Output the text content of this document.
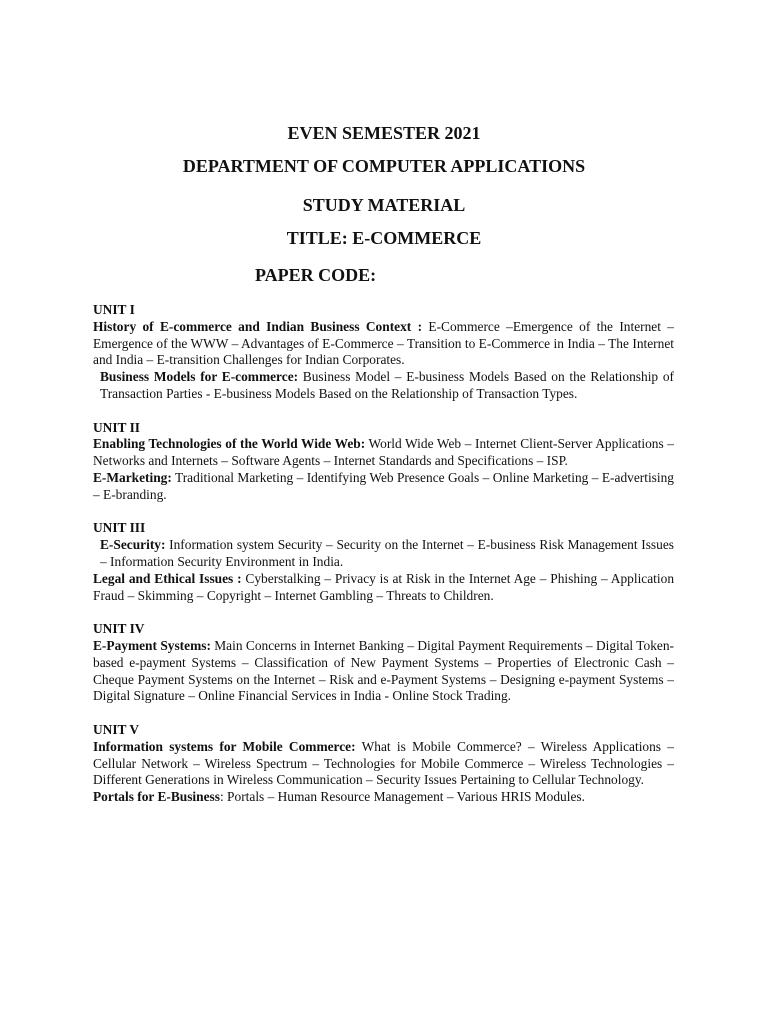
EVEN SEMESTER 2021
DEPARTMENT OF COMPUTER APPLICATIONS
STUDY MATERIAL
TITLE: E-COMMERCE
PAPER CODE:

UNIT I

History of E-commerce and Indian Business Context : E-Commerce –Emergence of the Internet – Emergence of the WWW – Advantages of E-Commerce – Transition to E-Commerce in India – The Internet and India – E-transition Challenges for Indian Corporates.

Business Models for E-commerce: Business Model – E-business Models Based on the Relationship of Transaction Parties - E-business Models Based on the Relationship of Transaction Types.

UNIT II

Enabling Technologies of the World Wide Web: World Wide Web – Internet Client-Server Applications – Networks and Internets – Software Agents – Internet Standards and Specifications – ISP.

E-Marketing: Traditional Marketing – Identifying Web Presence Goals – Online Marketing – E-advertising – E-branding.

UNIT III

E-Security: Information system Security – Security on the Internet – E-business Risk Management Issues – Information Security Environment in India.

Legal and Ethical Issues : Cyberstalking – Privacy is at Risk in the Internet Age – Phishing – Application Fraud – Skimming – Copyright – Internet Gambling – Threats to Children.

UNIT IV

E-Payment Systems: Main Concerns in Internet Banking – Digital Payment Requirements – Digital Token-based e-payment Systems – Classification of New Payment Systems – Properties of Electronic Cash – Cheque Payment Systems on the Internet – Risk and e-Payment Systems – Designing e-payment Systems – Digital Signature – Online Financial Services in India - Online Stock Trading.

UNIT V

Information systems for Mobile Commerce: What is Mobile Commerce? – Wireless Applications – Cellular Network – Wireless Spectrum – Technologies for Mobile Commerce – Wireless Technologies – Different Generations in Wireless Communication – Security Issues Pertaining to Cellular Technology.

Portals for E-Business: Portals – Human Resource Management – Various HRIS Modules.
